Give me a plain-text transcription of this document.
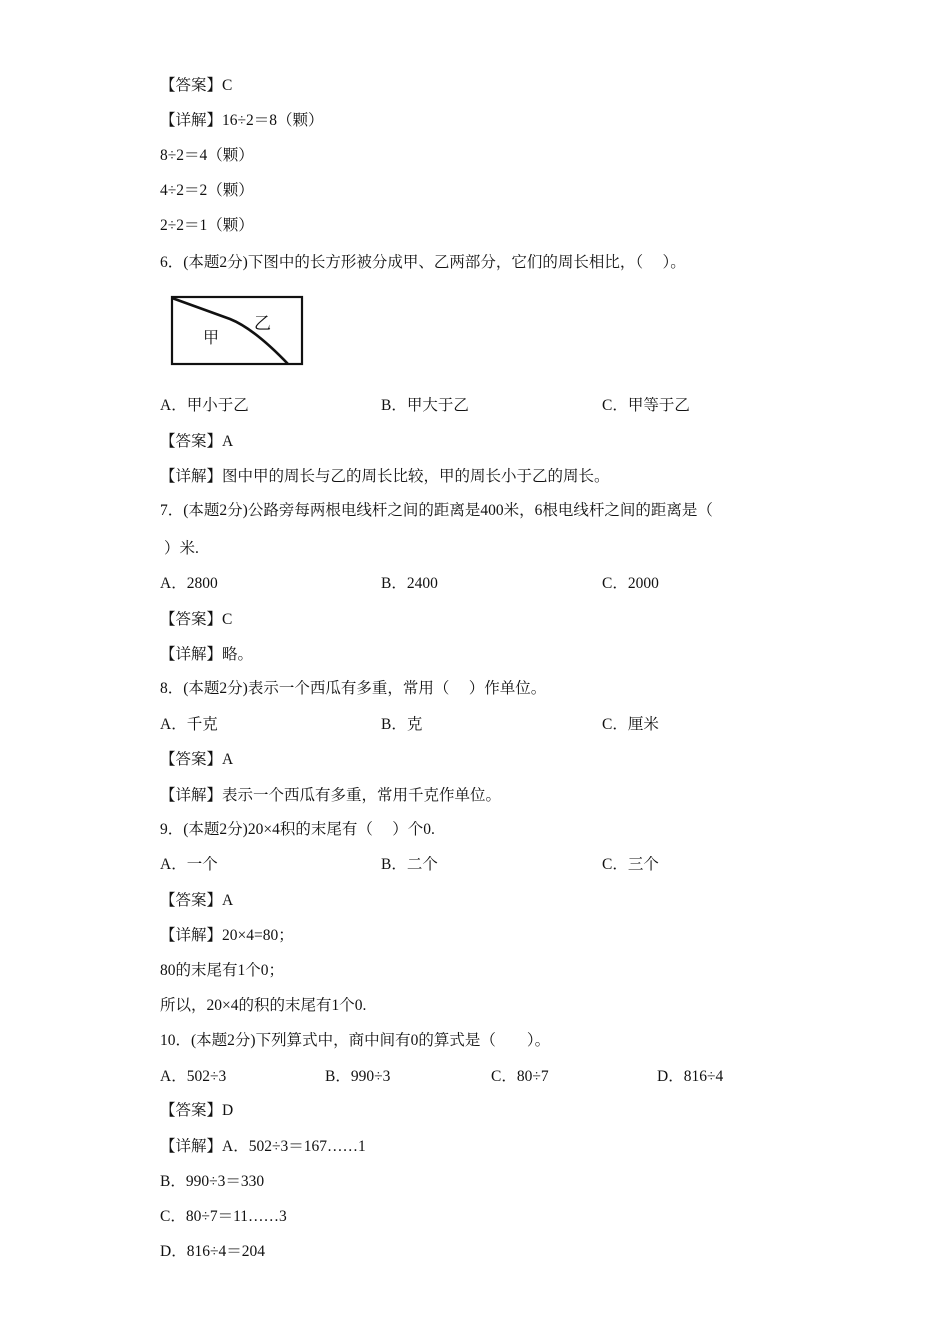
【答案】C
【详解】16÷2＝8（颗）
8÷2＝4（颗）
4÷2＝2（颗）
2÷2＝1（颗）
6．(本题2分)下图中的长方形被分成甲、乙两部分，它们的周长相比，（　 ）。
甲
乙
A．甲小于乙	B．甲大于乙	C．甲等于乙
【答案】A
【详解】图中甲的周长与乙的周长比较，甲的周长小于乙的周长。
7．(本题2分)公路旁每两根电线杆之间的距离是400米，6根电线杆之间的距离是（
）米.
A．2800	B．2400	C．2000
【答案】C
【详解】略。
8．(本题2分)表示一个西瓜有多重，常用（　 ）作单位。
A．千克	B．克	C．厘米
【答案】A
【详解】表示一个西瓜有多重，常用千克作单位。
9．(本题2分)20×4积的末尾有（　 ）个0.
A．一个	B．二个	C．三个
【答案】A
【详解】20×4=80；
80的末尾有1个0；
所以，20×4的积的末尾有1个0.
10．(本题2分)下列算式中，商中间有0的算式是（　　）。
A．502÷3	B．990÷3	C．80÷7	D．816÷4
【答案】D
【详解】A．502÷3＝167……1
B．990÷3＝330
C．80÷7＝11……3
D．816÷4＝204
